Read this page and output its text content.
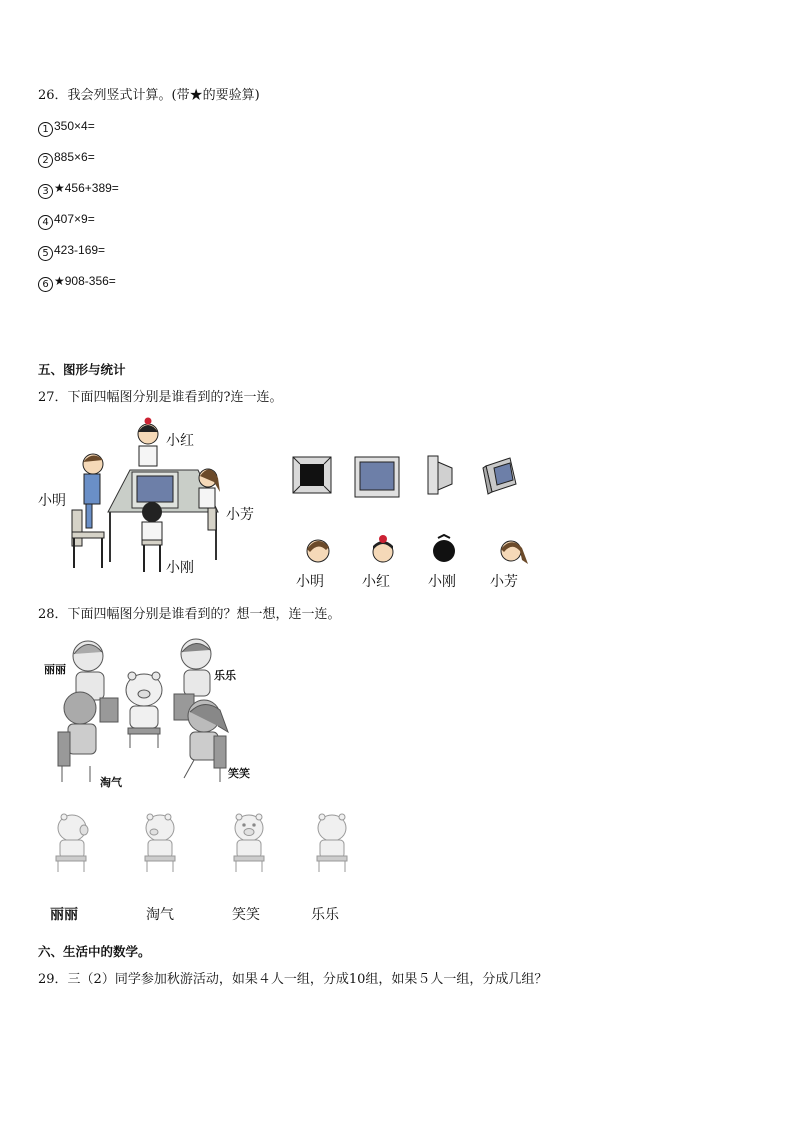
26．我会列竖式计算。(带★的要验算)
1 350×4=
2 885×6=
3 ★456+389=
4 407×9=
5 423-169=
6 ★908-356=
五、图形与统计
27．下面四幅图分别是谁看到的?连一连。
小红
小明
小芳
小刚
小明	小红	小刚 小芳
28．下面四幅图分别是谁看到的？想一想，连一连。
丽丽	乐乐
淘气
笑笑
丽丽	淘气	笑笑	乐乐
六、生活中的数学。
29．三（2）同学参加秋游活动，如果４人一组，分成10组，如果５人一组，分成几组？
